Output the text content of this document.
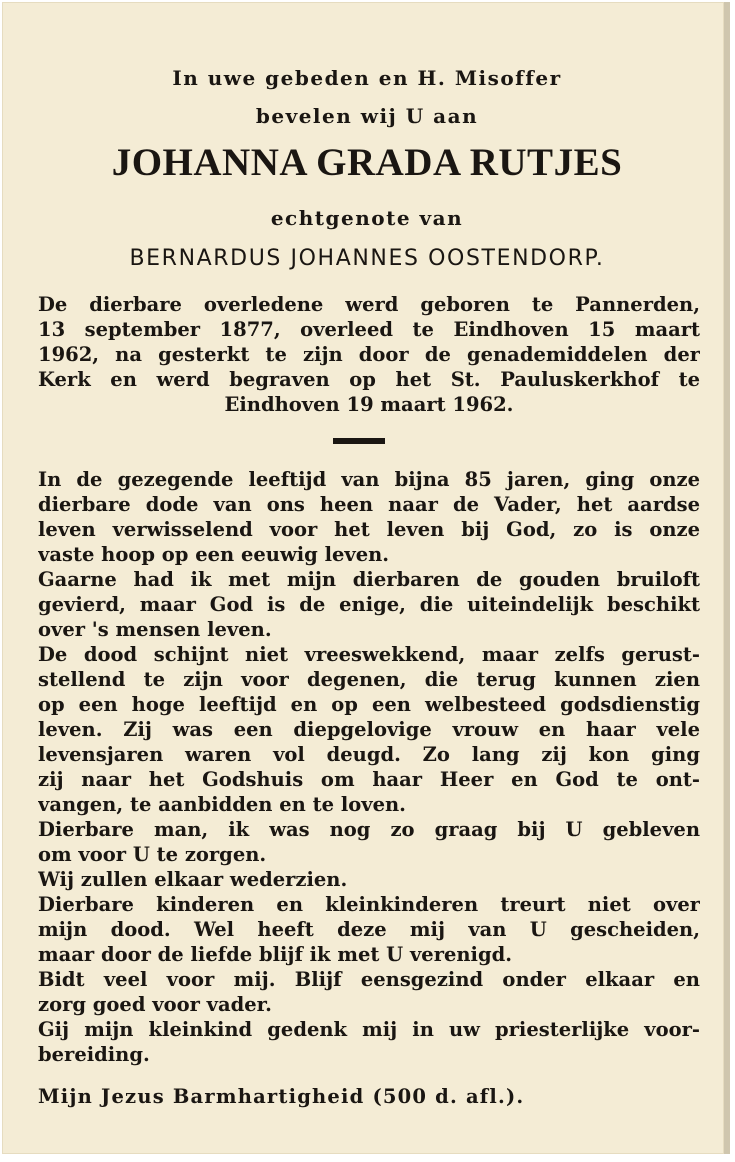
In uwe gebeden en H. Misoffer
bevelen wij U aan
JOHANNA GRADA RUTJES
echtgenote van
BERNARDUS JOHANNES OOSTENDORP.
De dierbare overledene werd geboren te Pannerden,
13 september 1877, overleed te Eindhoven 15 maart
1962, na gesterkt te zijn door de genademiddelen der
Kerk en werd begraven op het St. Pauluskerkhof te
Eindhoven 19 maart 1962.
In de gezegende leeftijd van bijna 85 jaren, ging onze
dierbare dode van ons heen naar de Vader, het aardse
leven verwisselend voor het leven bij God, zo is onze
vaste hoop op een eeuwig leven.
Gaarne had ik met mijn dierbaren de gouden bruiloft
gevierd, maar God is de enige, die uiteindelijk beschikt
over 's mensen leven.
De dood schijnt niet vreeswekkend, maar zelfs gerust-
stellend te zijn voor degenen, die terug kunnen zien
op een hoge leeftijd en op een welbesteed godsdienstig
leven. Zij was een diepgelovige vrouw en haar vele
levensjaren waren vol deugd. Zo lang zij kon ging
zij naar het Godshuis om haar Heer en God te ont-
vangen, te aanbidden en te loven.
Dierbare man, ik was nog zo graag bij U gebleven
om voor U te zorgen.
Wij zullen elkaar wederzien.
Dierbare kinderen en kleinkinderen treurt niet over
mijn dood. Wel heeft deze mij van U gescheiden,
maar door de liefde blijf ik met U verenigd.
Bidt veel voor mij. Blijf eensgezind onder elkaar en
zorg goed voor vader.
Gij mijn kleinkind gedenk mij in uw priesterlijke voor-
bereiding.
Mijn Jezus Barmhartigheid (500 d. afl.).
